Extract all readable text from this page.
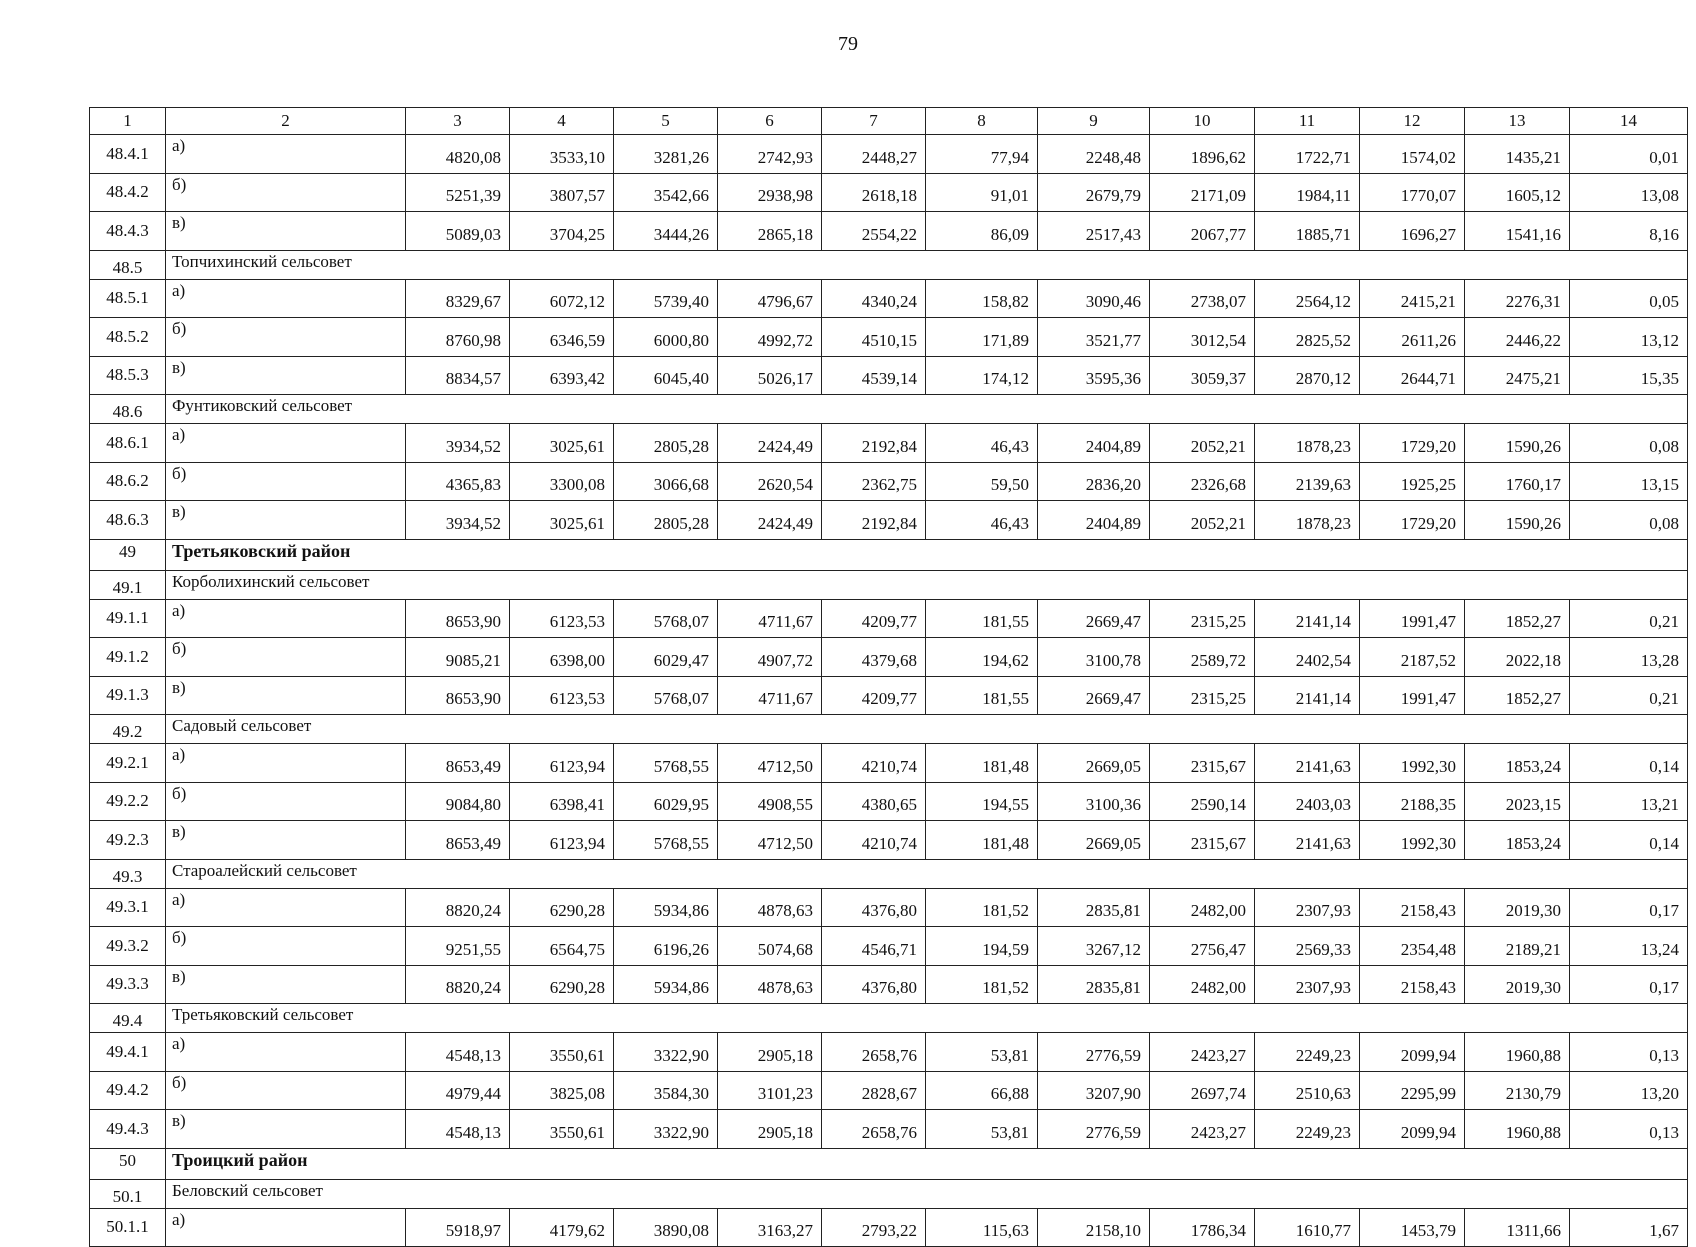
79
1	2	3	4	5	6	7	8	9	10	11	12	13	14
48.4.1	а)	4820,08	3533,10	3281,26	2742,93	2448,27	77,94	2248,48	1896,62	1722,71	1574,02	1435,21	0,01
48.4.2	б)	5251,39	3807,57	3542,66	2938,98	2618,18	91,01	2679,79	2171,09	1984,11	1770,07	1605,12	13,08
48.4.3	в)	5089,03	3704,25	3444,26	2865,18	2554,22	86,09	2517,43	2067,77	1885,71	1696,27	1541,16	8,16
48.5	Топчихинский сельсовет												
48.5.1	а)	8329,67	6072,12	5739,40	4796,67	4340,24	158,82	3090,46	2738,07	2564,12	2415,21	2276,31	0,05
48.5.2	б)	8760,98	6346,59	6000,80	4992,72	4510,15	171,89	3521,77	3012,54	2825,52	2611,26	2446,22	13,12
48.5.3	в)	8834,57	6393,42	6045,40	5026,17	4539,14	174,12	3595,36	3059,37	2870,12	2644,71	2475,21	15,35
48.6	Фунтиковский сельсовет												
48.6.1	а)	3934,52	3025,61	2805,28	2424,49	2192,84	46,43	2404,89	2052,21	1878,23	1729,20	1590,26	0,08
48.6.2	б)	4365,83	3300,08	3066,68	2620,54	2362,75	59,50	2836,20	2326,68	2139,63	1925,25	1760,17	13,15
48.6.3	в)	3934,52	3025,61	2805,28	2424,49	2192,84	46,43	2404,89	2052,21	1878,23	1729,20	1590,26	0,08
49	Третьяковский район												
49.1	Корболихинский сельсовет												
49.1.1	а)	8653,90	6123,53	5768,07	4711,67	4209,77	181,55	2669,47	2315,25	2141,14	1991,47	1852,27	0,21
49.1.2	б)	9085,21	6398,00	6029,47	4907,72	4379,68	194,62	3100,78	2589,72	2402,54	2187,52	2022,18	13,28
49.1.3	в)	8653,90	6123,53	5768,07	4711,67	4209,77	181,55	2669,47	2315,25	2141,14	1991,47	1852,27	0,21
49.2	Садовый сельсовет												
49.2.1	а)	8653,49	6123,94	5768,55	4712,50	4210,74	181,48	2669,05	2315,67	2141,63	1992,30	1853,24	0,14
49.2.2	б)	9084,80	6398,41	6029,95	4908,55	4380,65	194,55	3100,36	2590,14	2403,03	2188,35	2023,15	13,21
49.2.3	в)	8653,49	6123,94	5768,55	4712,50	4210,74	181,48	2669,05	2315,67	2141,63	1992,30	1853,24	0,14
49.3	Староалейский сельсовет												
49.3.1	а)	8820,24	6290,28	5934,86	4878,63	4376,80	181,52	2835,81	2482,00	2307,93	2158,43	2019,30	0,17
49.3.2	б)	9251,55	6564,75	6196,26	5074,68	4546,71	194,59	3267,12	2756,47	2569,33	2354,48	2189,21	13,24
49.3.3	в)	8820,24	6290,28	5934,86	4878,63	4376,80	181,52	2835,81	2482,00	2307,93	2158,43	2019,30	0,17
49.4	Третьяковский сельсовет												
49.4.1	а)	4548,13	3550,61	3322,90	2905,18	2658,76	53,81	2776,59	2423,27	2249,23	2099,94	1960,88	0,13
49.4.2	б)	4979,44	3825,08	3584,30	3101,23	2828,67	66,88	3207,90	2697,74	2510,63	2295,99	2130,79	13,20
49.4.3	в)	4548,13	3550,61	3322,90	2905,18	2658,76	53,81	2776,59	2423,27	2249,23	2099,94	1960,88	0,13
50	Троицкий район												
50.1	Беловский сельсовет												
50.1.1	а)	5918,97	4179,62	3890,08	3163,27	2793,22	115,63	2158,10	1786,34	1610,77	1453,79	1311,66	1,67
